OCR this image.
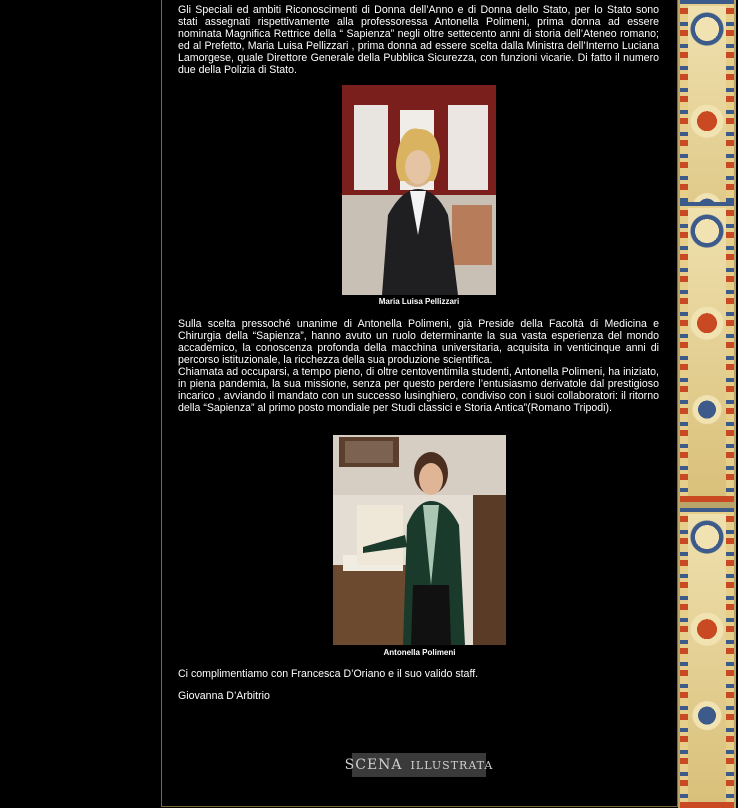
Gli Speciali ed ambiti Riconoscimenti di Donna dell’Anno e di Donna dello Stato, per lo Stato sono stati assegnati rispettivamente alla professoressa Antonella Polimeni, prima donna ad essere nominata Magnifica Rettrice della “ Sapienza” negli oltre settecento anni di storia dell’Ateneo romano; ed al Prefetto, Maria Luisa Pellizzari , prima donna ad essere scelta dalla Ministra dell’Interno Luciana Lamorgese, quale Direttore Generale della Pubblica Sicurezza, con funzioni vicarie. Di fatto il numero due della Polizia di Stato.

Maria Luisa Pellizzari

Sulla scelta pressoché unanime di Antonella Polimeni, già Preside della Facoltà di Medicina e Chirurgia della “Sapienza”, hanno avuto un ruolo determinante la sua vasta esperienza del mondo accademico, la conoscenza profonda della macchina universitaria, acquisita in venticinque anni di percorso istituzionale, la ricchezza della sua produzione scientifica.

Chiamata ad occuparsi, a tempo pieno, di oltre centoventimila studenti, Antonella Polimeni, ha iniziato, in piena pandemia, la sua missione, senza per questo perdere l’entusiasmo derivatole dal prestigioso incarico , avviando il mandato con un successo lusinghiero, condiviso con i suoi collaboratori: il ritorno della “Sapienza” al primo posto mondiale per Studi classici e Storia Antica”(Romano Tripodi).

Antonella Polimeni

Ci complimentiamo con Francesca D’Oriano e il suo valido staff.

Giovanna D’Arbitrio

SCENA ILLUSTRATA
